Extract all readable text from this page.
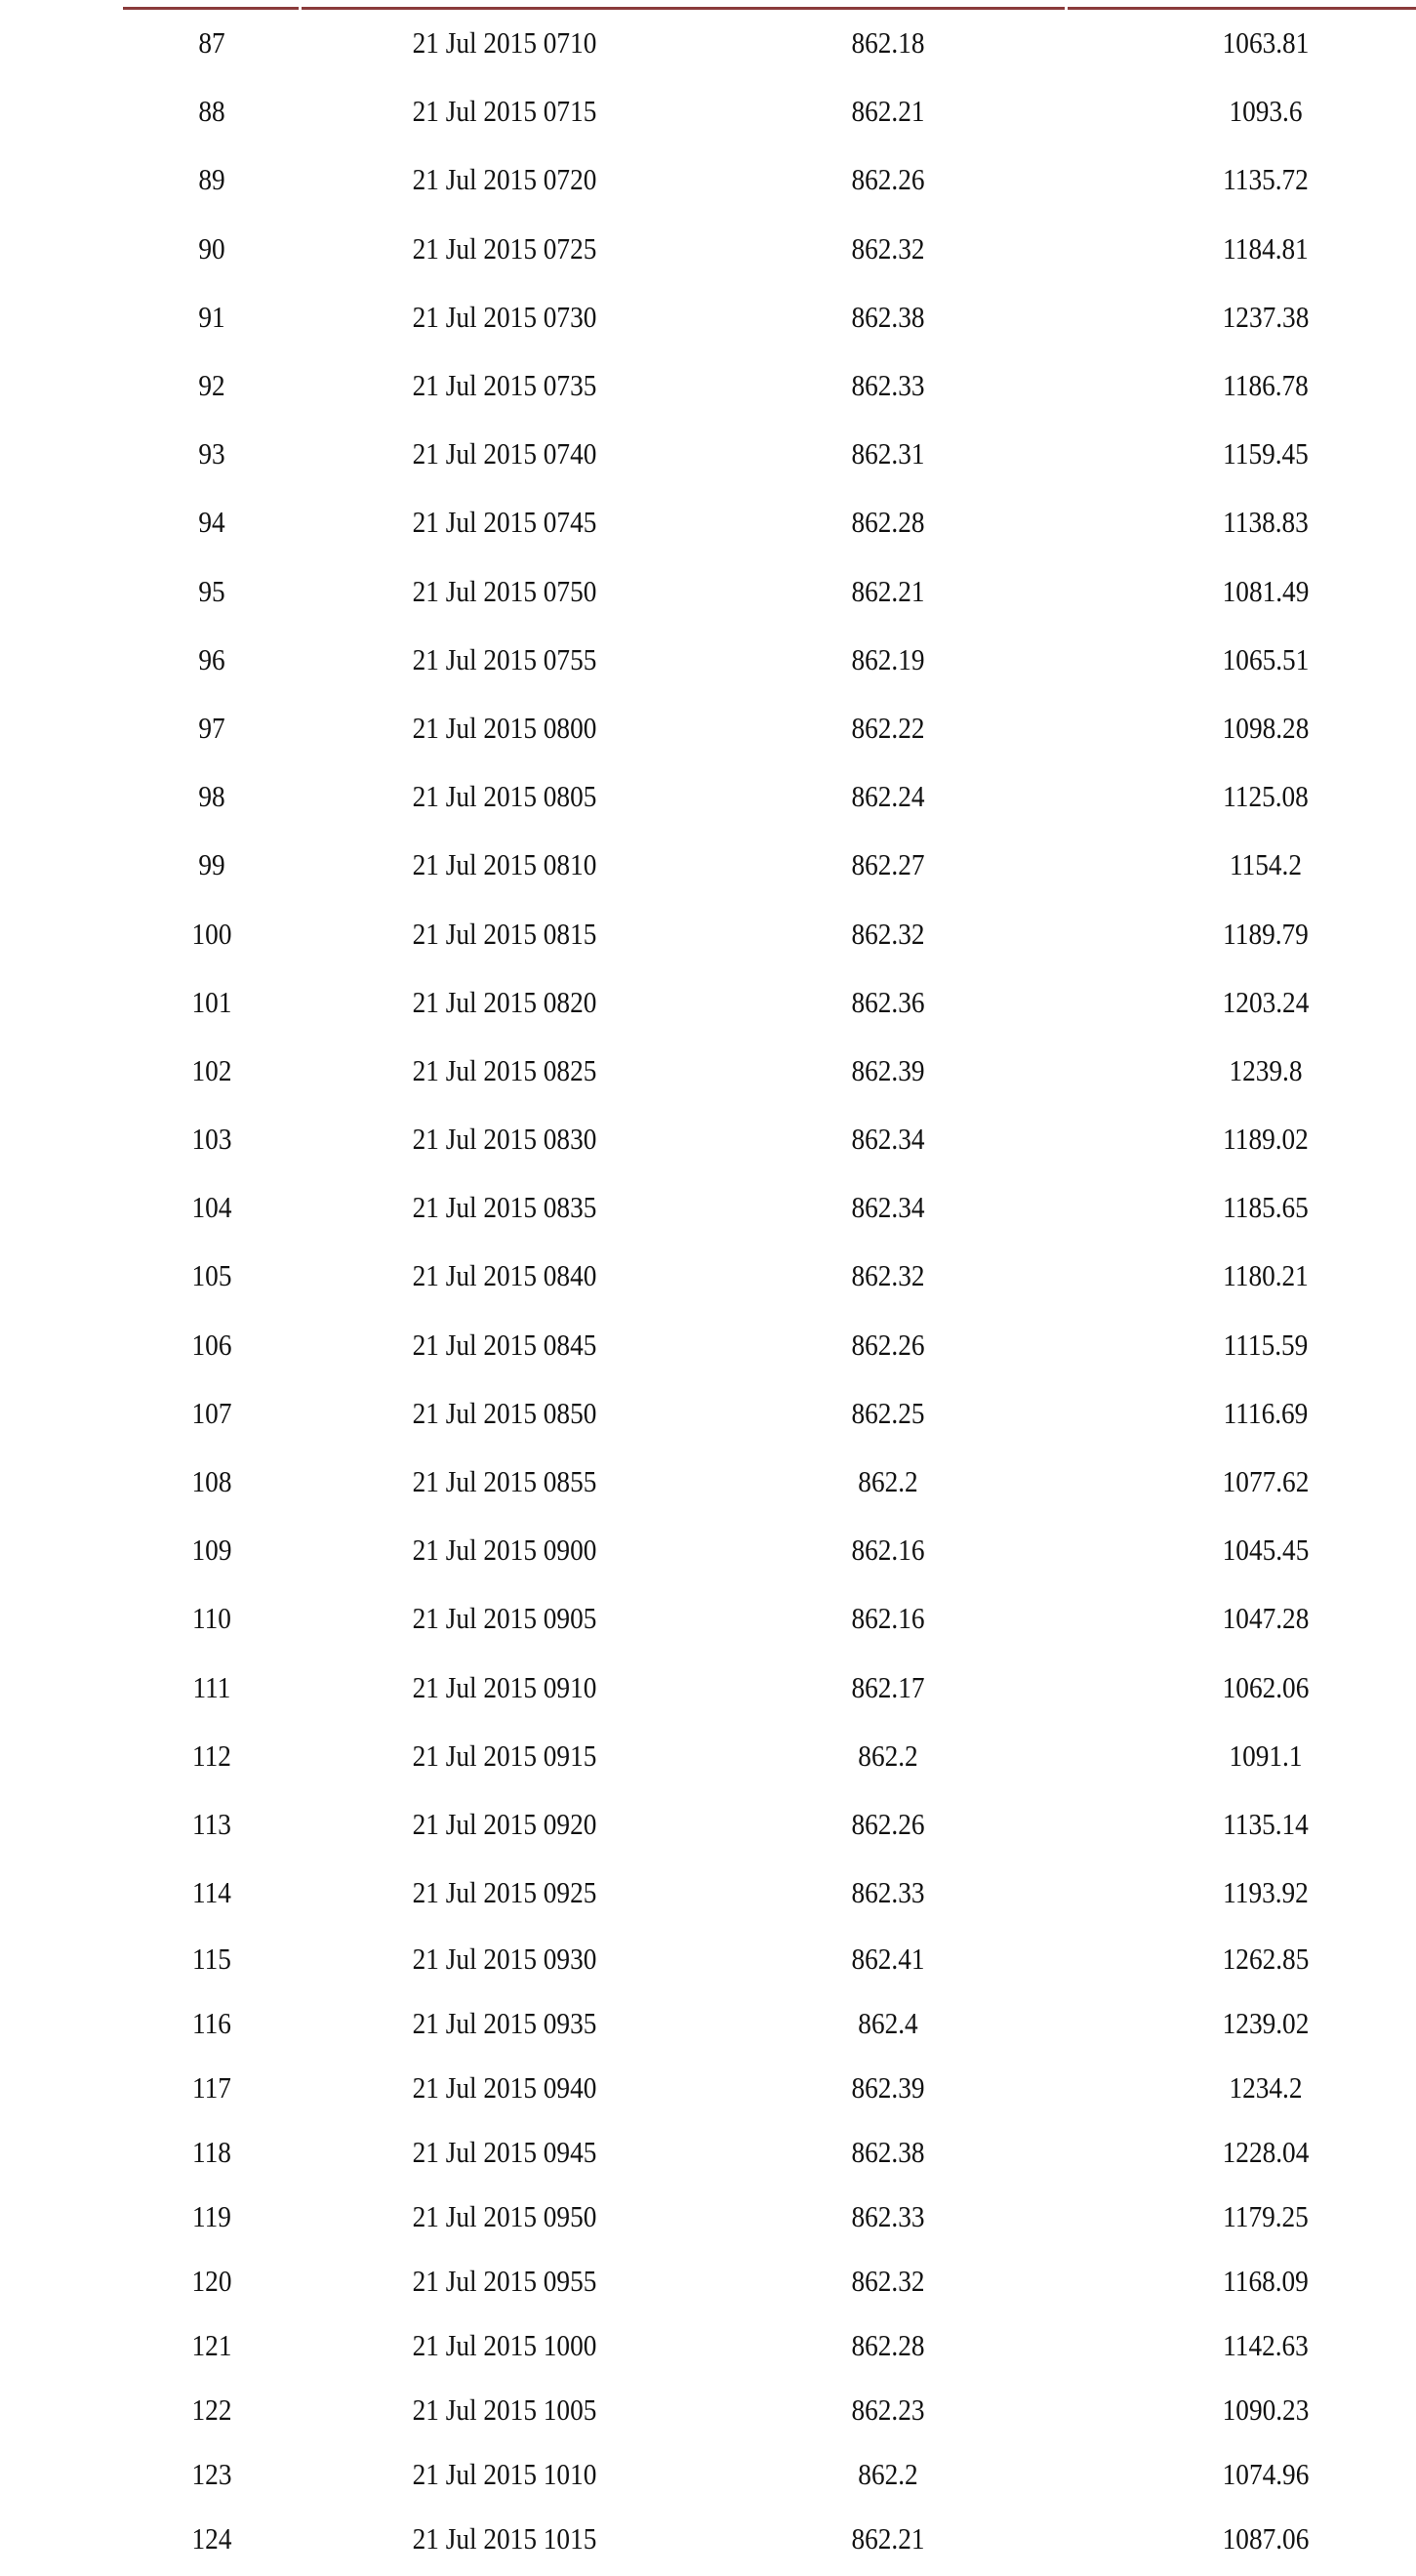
87	21 Jul 2015 0710	862.18	1063.81
88	21 Jul 2015 0715	862.21	1093.6
89	21 Jul 2015 0720	862.26	1135.72
90	21 Jul 2015 0725	862.32	1184.81
91	21 Jul 2015 0730	862.38	1237.38
92	21 Jul 2015 0735	862.33	1186.78
93	21 Jul 2015 0740	862.31	1159.45
94	21 Jul 2015 0745	862.28	1138.83
95	21 Jul 2015 0750	862.21	1081.49
96	21 Jul 2015 0755	862.19	1065.51
97	21 Jul 2015 0800	862.22	1098.28
98	21 Jul 2015 0805	862.24	1125.08
99	21 Jul 2015 0810	862.27	1154.2
100	21 Jul 2015 0815	862.32	1189.79
101	21 Jul 2015 0820	862.36	1203.24
102	21 Jul 2015 0825	862.39	1239.8
103	21 Jul 2015 0830	862.34	1189.02
104	21 Jul 2015 0835	862.34	1185.65
105	21 Jul 2015 0840	862.32	1180.21
106	21 Jul 2015 0845	862.26	1115.59
107	21 Jul 2015 0850	862.25	1116.69
108	21 Jul 2015 0855	862.2	1077.62
109	21 Jul 2015 0900	862.16	1045.45
110	21 Jul 2015 0905	862.16	1047.28
111	21 Jul 2015 0910	862.17	1062.06
112	21 Jul 2015 0915	862.2	1091.1
113	21 Jul 2015 0920	862.26	1135.14
114	21 Jul 2015 0925	862.33	1193.92
115	21 Jul 2015 0930	862.41	1262.85
116	21 Jul 2015 0935	862.4	1239.02
117	21 Jul 2015 0940	862.39	1234.2
118	21 Jul 2015 0945	862.38	1228.04
119	21 Jul 2015 0950	862.33	1179.25
120	21 Jul 2015 0955	862.32	1168.09
121	21 Jul 2015 1000	862.28	1142.63
122	21 Jul 2015 1005	862.23	1090.23
123	21 Jul 2015 1010	862.2	1074.96
124	21 Jul 2015 1015	862.21	1087.06
